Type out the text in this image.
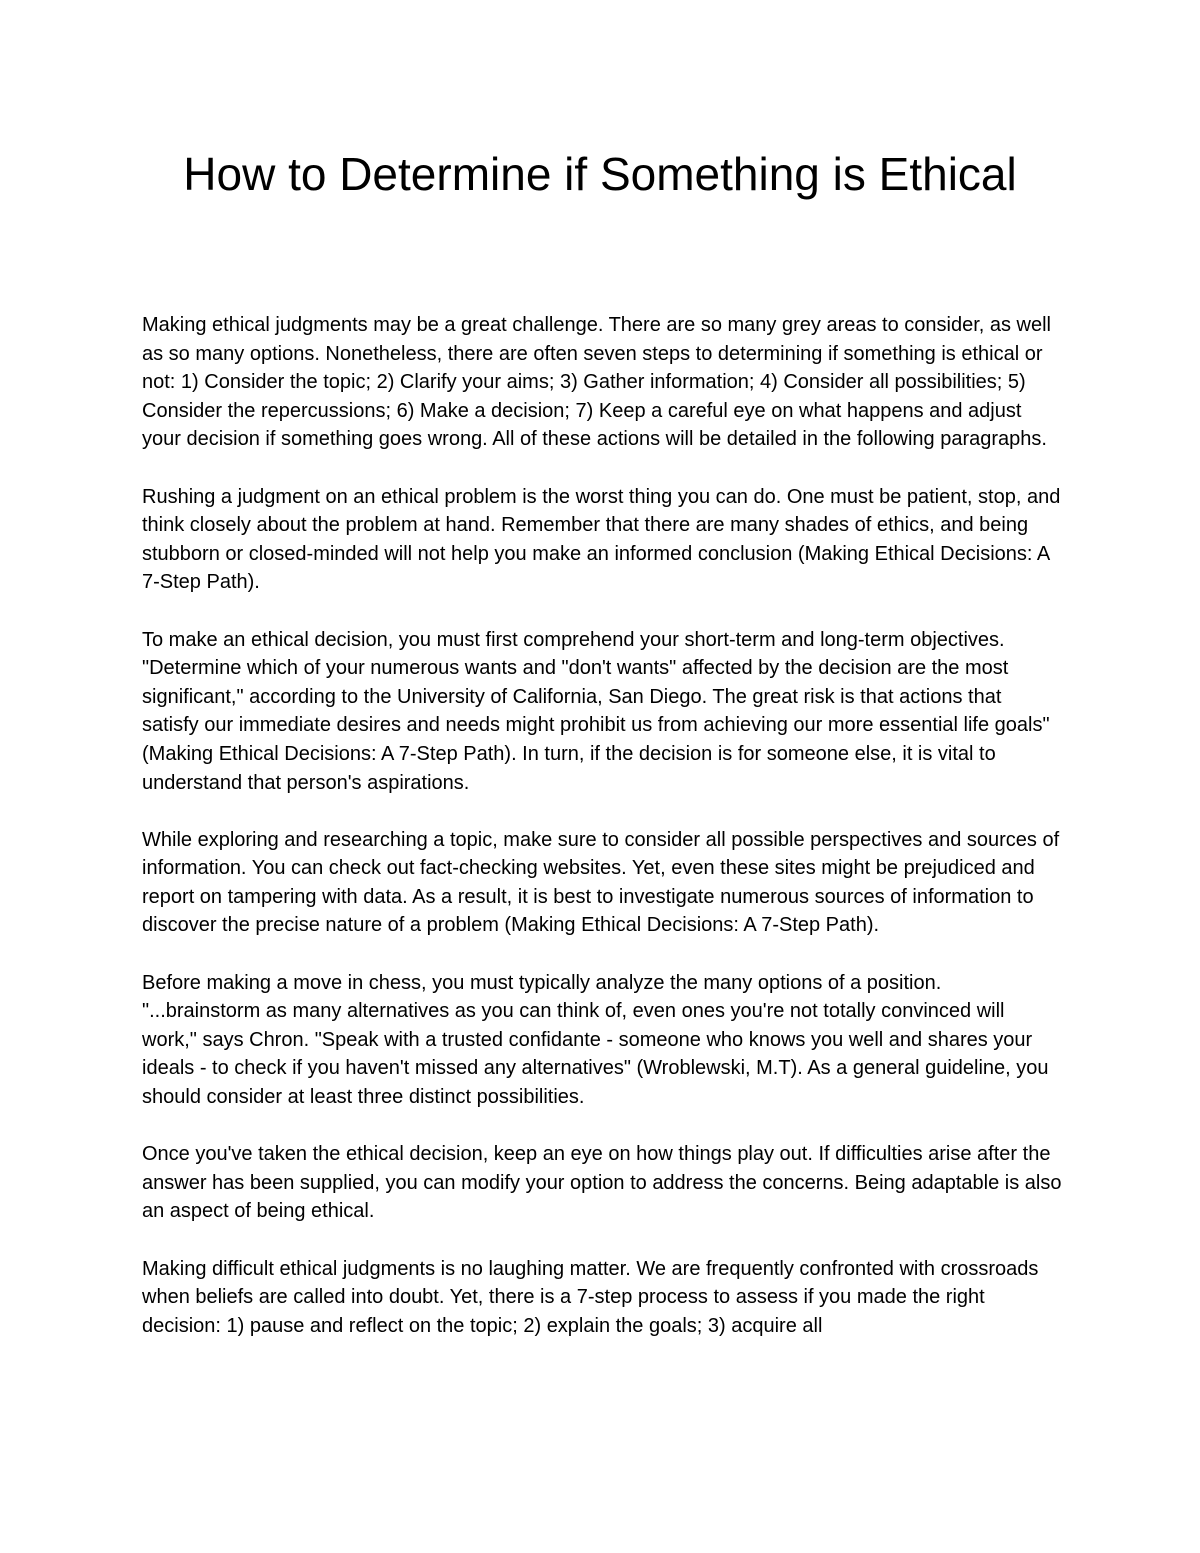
How to Determine if Something is Ethical

Making ethical judgments may be a great challenge. There are so many grey areas to consider, as well as so many options. Nonetheless, there are often seven steps to determining if something is ethical or not: 1) Consider the topic; 2) Clarify your aims; 3) Gather information; 4) Consider all possibilities; 5) Consider the repercussions; 6) Make a decision; 7) Keep a careful eye on what happens and adjust your decision if something goes wrong. All of these actions will be detailed in the following paragraphs.

Rushing a judgment on an ethical problem is the worst thing you can do. One must be patient, stop, and think closely about the problem at hand. Remember that there are many shades of ethics, and being stubborn or closed-minded will not help you make an informed conclusion (Making Ethical Decisions: A 7-Step Path).

To make an ethical decision, you must first comprehend your short-term and long-term objectives. "Determine which of your numerous wants and "don't wants" affected by the decision are the most significant," according to the University of California, San Diego. The great risk is that actions that satisfy our immediate desires and needs might prohibit us from achieving our more essential life goals" (Making Ethical Decisions: A 7-Step Path). In turn, if the decision is for someone else, it is vital to understand that person's aspirations.

While exploring and researching a topic, make sure to consider all possible perspectives and sources of information. You can check out fact-checking websites. Yet, even these sites might be prejudiced and report on tampering with data. As a result, it is best to investigate numerous sources of information to discover the precise nature of a problem (Making Ethical Decisions: A 7-Step Path).

Before making a move in chess, you must typically analyze the many options of a position. "...brainstorm as many alternatives as you can think of, even ones you're not totally convinced will work," says Chron. "Speak with a trusted confidante - someone who knows you well and shares your ideals - to check if you haven't missed any alternatives" (Wroblewski, M.T). As a general guideline, you should consider at least three distinct possibilities.

Once you've taken the ethical decision, keep an eye on how things play out. If difficulties arise after the answer has been supplied, you can modify your option to address the concerns. Being adaptable is also an aspect of being ethical.

Making difficult ethical judgments is no laughing matter. We are frequently confronted with crossroads when beliefs are called into doubt. Yet, there is a 7-step process to assess if you made the right decision: 1) pause and reflect on the topic; 2) explain the goals; 3) acquire all
